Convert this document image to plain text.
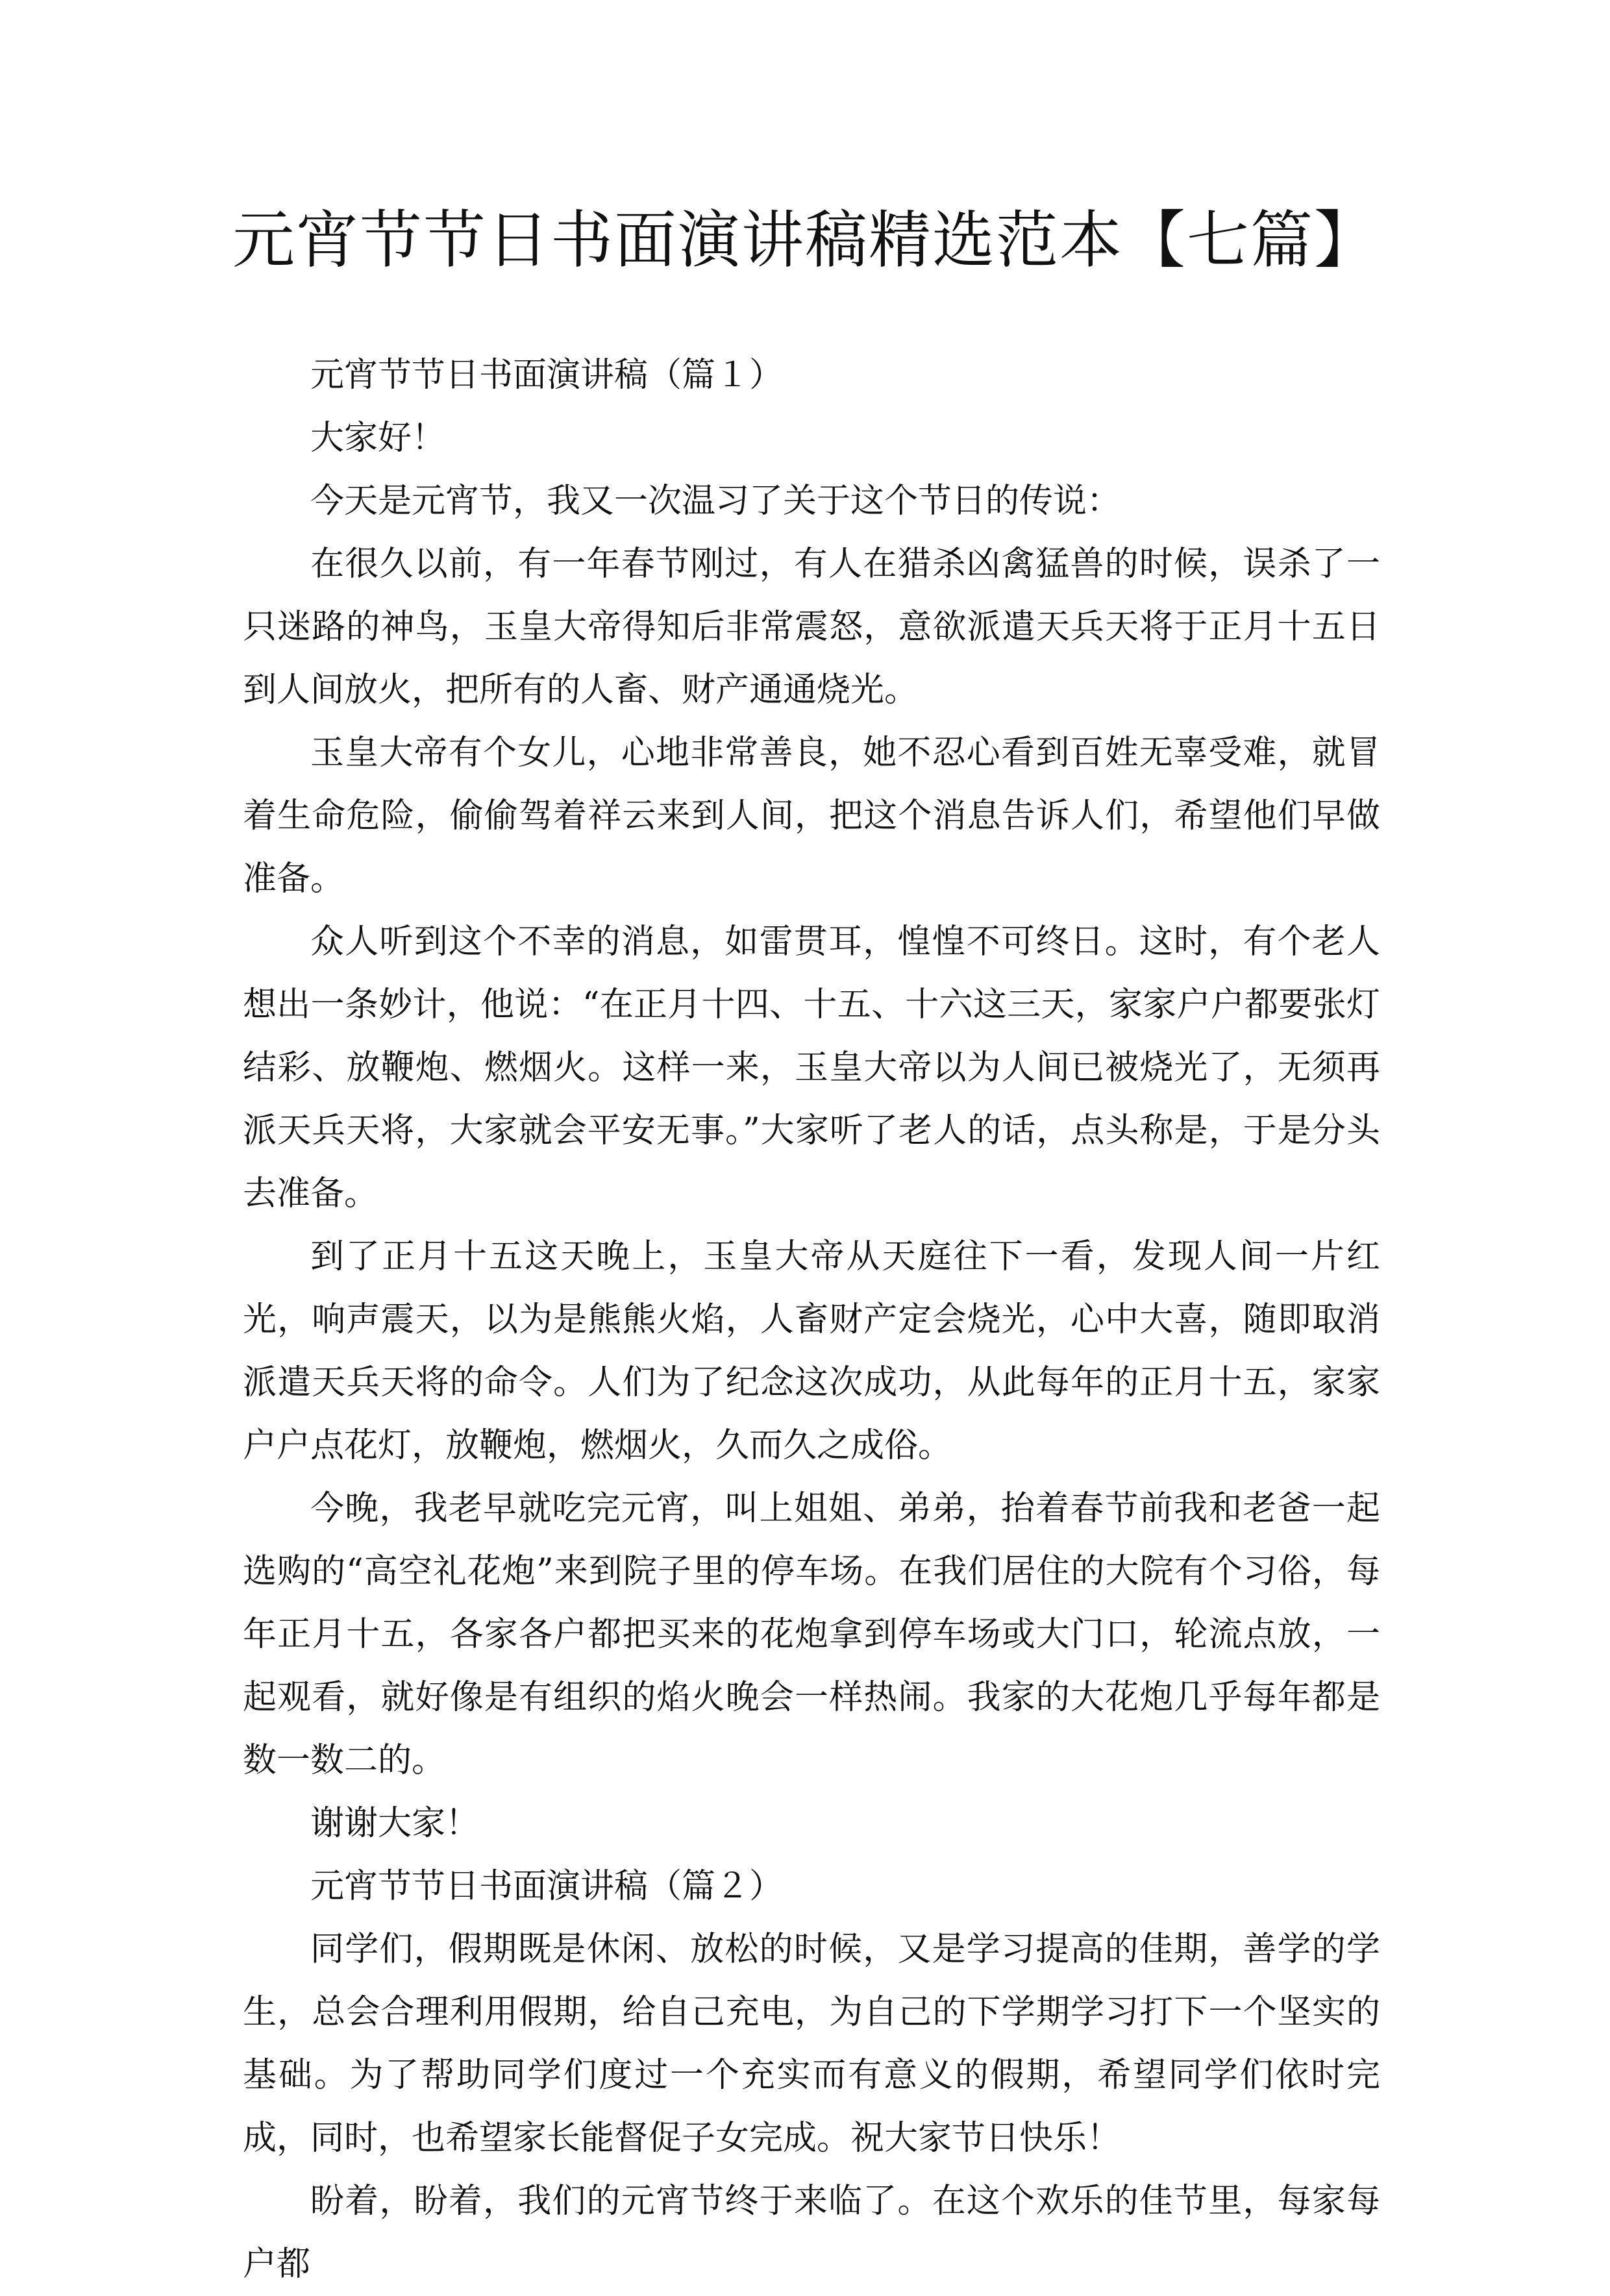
元宵节节日书面演讲稿精选范本【七篇】

元宵节节日书面演讲稿（篇１）

大家好！

今天是元宵节，我又一次温习了关于这个节日的传说：

在很久以前，有一年春节刚过，有人在猎杀凶禽猛兽的时候，误杀了一只迷路的神鸟，玉皇大帝得知后非常震怒，意欲派遣天兵天将于正月十五日到人间放火，把所有的人畜、财产通通烧光。

玉皇大帝有个女儿，心地非常善良，她不忍心看到百姓无辜受难，就冒着生命危险，偷偷驾着祥云来到人间，把这个消息告诉人们，希望他们早做准备。

众人听到这个不幸的消息，如雷贯耳，惶惶不可终日。这时，有个老人想出一条妙计，他说：“在正月十四、十五、十六这三天，家家户户都要张灯结彩、放鞭炮、燃烟火。这样一来，玉皇大帝以为人间已被烧光了，无须再派天兵天将，大家就会平安无事。”大家听了老人的话，点头称是，于是分头去准备。

到了正月十五这天晚上，玉皇大帝从天庭往下一看，发现人间一片红光，响声震天，以为是熊熊火焰，人畜财产定会烧光，心中大喜，随即取消派遣天兵天将的命令。人们为了纪念这次成功，从此每年的正月十五，家家户户点花灯，放鞭炮，燃烟火，久而久之成俗。

今晚，我老早就吃完元宵，叫上姐姐、弟弟，抬着春节前我和老爸一起选购的“高空礼花炮”来到院子里的停车场。在我们居住的大院有个习俗，每年正月十五，各家各户都把买来的花炮拿到停车场或大门口，轮流点放，一起观看，就好像是有组织的焰火晚会一样热闹。我家的大花炮几乎每年都是数一数二的。

谢谢大家！

元宵节节日书面演讲稿（篇２）

同学们，假期既是休闲、放松的时候，又是学习提高的佳期，善学的学生，总会合理利用假期，给自己充电，为自己的下学期学习打下一个坚实的基础。为了帮助同学们度过一个充实而有意义的假期，希望同学们依时完成，同时，也希望家长能督促子女完成。祝大家节日快乐！

盼着，盼着，我们的元宵节终于来临了。在这个欢乐的佳节里，每家每户都
